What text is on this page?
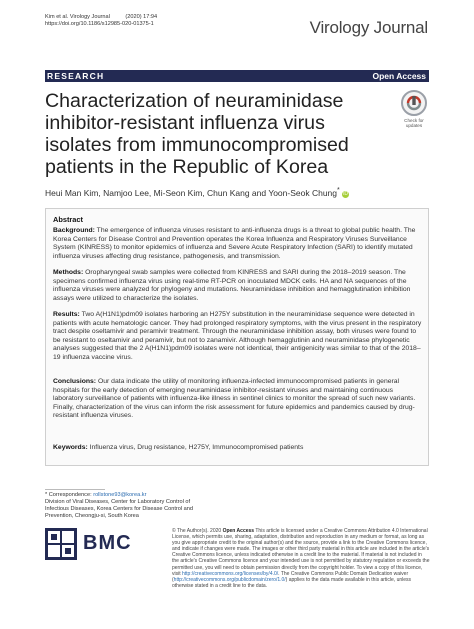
Kim et al. Virology Journal          (2020) 17:94
https://doi.org/10.1186/s12985-020-01375-1	Virology Journal
RESEARCH	Open Access
Characterization of neuraminidase inhibitor-resistant influenza virus isolates from immunocompromised patients in the Republic of Korea
Check for
updates
Heui Man Kim, Namjoo Lee, Mi-Seon Kim, Chun Kang and Yoon-Seok Chung* iD
Abstract
Background: The emergence of influenza viruses resistant to anti-influenza drugs is a threat to global public health. The Korea Centers for Disease Control and Prevention operates the Korea Influenza and Respiratory Viruses Surveillance System (KINRESS) to monitor epidemics of influenza and Severe Acute Respiratory Infection (SARI) to identify mutated influenza viruses affecting drug resistance, pathogenesis, and transmission.
Methods: Oropharyngeal swab samples were collected from KINRESS and SARI during the 2018–2019 season. The specimens confirmed influenza virus using real-time RT-PCR on inoculated MDCK cells. HA and NA sequences of the influenza viruses were analyzed for phylogeny and mutations. Neuraminidase inhibition and hemagglutination inhibition assays were utilized to characterize the isolates.
Results: Two A(H1N1)pdm09 isolates harboring an H275Y substitution in the neuraminidase sequence were detected in patients with acute hematologic cancer. They had prolonged respiratory symptoms, with the virus present in the respiratory tract despite oseltamivir and peramivir treatment. Through the neuraminidase inhibition assay, both viruses were found to be resistant to oseltamivir and peramivir, but not to zanamivir. Although hemagglutinin and neuraminidase phylogenetic analyses suggested that the 2 A(H1N1)pdm09 isolates were not identical, their antigenicity was similar to that of the 2018–19 influenza vaccine virus.
Conclusions: Our data indicate the utility of monitoring influenza-infected immunocompromised patients in general hospitals for the early detection of emerging neuraminidase inhibitor-resistant viruses and maintaining continuous laboratory surveillance of patients with influenza-like illness in sentinel clinics to monitor the spread of such new variants. Finally, characterization of the virus can inform the risk assessment for future epidemics and pandemics caused by drug-resistant influenza viruses.
Keywords: Influenza virus, Drug resistance, H275Y, Immunocompromised patients
* Correspondence: rollstone93@korea.kr
Division of Viral Diseases, Center for Laboratory Control of Infectious Diseases, Korea Centers for Disease Control and Prevention, Cheongju-si, South Korea
BMC
© The Author(s). 2020 Open Access This article is licensed under a Creative Commons Attribution 4.0 International License, which permits use, sharing, adaptation, distribution and reproduction in any medium or format, as long as you give appropriate credit to the original author(s) and the source, provide a link to the Creative Commons licence, and indicate if changes were made. The images or other third party material in this article are included in the article's Creative Commons licence, unless indicated otherwise in a credit line to the material. If material is not included in the article's Creative Commons licence and your intended use is not permitted by statutory regulation or exceeds the permitted use, you will need to obtain permission directly from the copyright holder. To view a copy of this licence, visit http://creativecommons.org/licenses/by/4.0/. The Creative Commons Public Domain Dedication waiver (http://creativecommons.org/publicdomain/zero/1.0/) applies to the data made available in this article, unless otherwise stated in a credit line to the data.
